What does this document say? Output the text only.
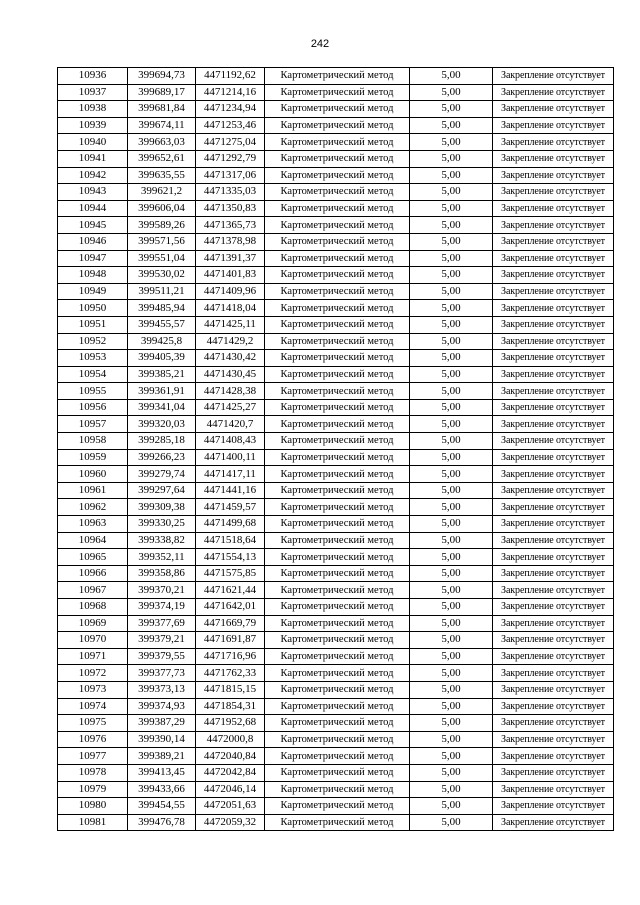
242
10936	399694,73	4471192,62	Картометрический метод	5,00	Закрепление отсутствует
10937	399689,17	4471214,16	Картометрический метод	5,00	Закрепление отсутствует
10938	399681,84	4471234,94	Картометрический метод	5,00	Закрепление отсутствует
10939	399674,11	4471253,46	Картометрический метод	5,00	Закрепление отсутствует
10940	399663,03	4471275,04	Картометрический метод	5,00	Закрепление отсутствует
10941	399652,61	4471292,79	Картометрический метод	5,00	Закрепление отсутствует
10942	399635,55	4471317,06	Картометрический метод	5,00	Закрепление отсутствует
10943	399621,2	4471335,03	Картометрический метод	5,00	Закрепление отсутствует
10944	399606,04	4471350,83	Картометрический метод	5,00	Закрепление отсутствует
10945	399589,26	4471365,73	Картометрический метод	5,00	Закрепление отсутствует
10946	399571,56	4471378,98	Картометрический метод	5,00	Закрепление отсутствует
10947	399551,04	4471391,37	Картометрический метод	5,00	Закрепление отсутствует
10948	399530,02	4471401,83	Картометрический метод	5,00	Закрепление отсутствует
10949	399511,21	4471409,96	Картометрический метод	5,00	Закрепление отсутствует
10950	399485,94	4471418,04	Картометрический метод	5,00	Закрепление отсутствует
10951	399455,57	4471425,11	Картометрический метод	5,00	Закрепление отсутствует
10952	399425,8	4471429,2	Картометрический метод	5,00	Закрепление отсутствует
10953	399405,39	4471430,42	Картометрический метод	5,00	Закрепление отсутствует
10954	399385,21	4471430,45	Картометрический метод	5,00	Закрепление отсутствует
10955	399361,91	4471428,38	Картометрический метод	5,00	Закрепление отсутствует
10956	399341,04	4471425,27	Картометрический метод	5,00	Закрепление отсутствует
10957	399320,03	4471420,7	Картометрический метод	5,00	Закрепление отсутствует
10958	399285,18	4471408,43	Картометрический метод	5,00	Закрепление отсутствует
10959	399266,23	4471400,11	Картометрический метод	5,00	Закрепление отсутствует
10960	399279,74	4471417,11	Картометрический метод	5,00	Закрепление отсутствует
10961	399297,64	4471441,16	Картометрический метод	5,00	Закрепление отсутствует
10962	399309,38	4471459,57	Картометрический метод	5,00	Закрепление отсутствует
10963	399330,25	4471499,68	Картометрический метод	5,00	Закрепление отсутствует
10964	399338,82	4471518,64	Картометрический метод	5,00	Закрепление отсутствует
10965	399352,11	4471554,13	Картометрический метод	5,00	Закрепление отсутствует
10966	399358,86	4471575,85	Картометрический метод	5,00	Закрепление отсутствует
10967	399370,21	4471621,44	Картометрический метод	5,00	Закрепление отсутствует
10968	399374,19	4471642,01	Картометрический метод	5,00	Закрепление отсутствует
10969	399377,69	4471669,79	Картометрический метод	5,00	Закрепление отсутствует
10970	399379,21	4471691,87	Картометрический метод	5,00	Закрепление отсутствует
10971	399379,55	4471716,96	Картометрический метод	5,00	Закрепление отсутствует
10972	399377,73	4471762,33	Картометрический метод	5,00	Закрепление отсутствует
10973	399373,13	4471815,15	Картометрический метод	5,00	Закрепление отсутствует
10974	399374,93	4471854,31	Картометрический метод	5,00	Закрепление отсутствует
10975	399387,29	4471952,68	Картометрический метод	5,00	Закрепление отсутствует
10976	399390,14	4472000,8	Картометрический метод	5,00	Закрепление отсутствует
10977	399389,21	4472040,84	Картометрический метод	5,00	Закрепление отсутствует
10978	399413,45	4472042,84	Картометрический метод	5,00	Закрепление отсутствует
10979	399433,66	4472046,14	Картометрический метод	5,00	Закрепление отсутствует
10980	399454,55	4472051,63	Картометрический метод	5,00	Закрепление отсутствует
10981	399476,78	4472059,32	Картометрический метод	5,00	Закрепление отсутствует
